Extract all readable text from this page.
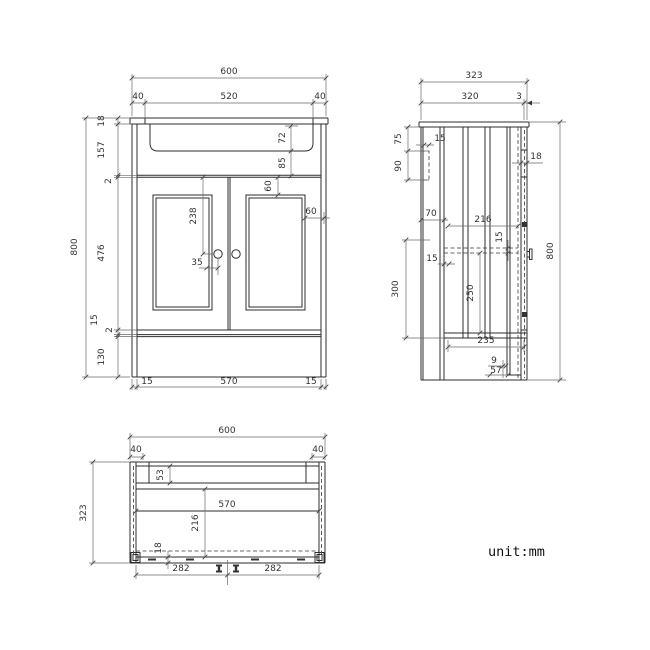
600
40	520	40
18
157
2
72
85
60
60
238
35
476
15
2
130
800
15	570	15
323
320	3
75	15
90
70
216
15
15
300	250
800
18
235
9
57
600
40	40
323
53
570
216
18
282	282
unit:mm
